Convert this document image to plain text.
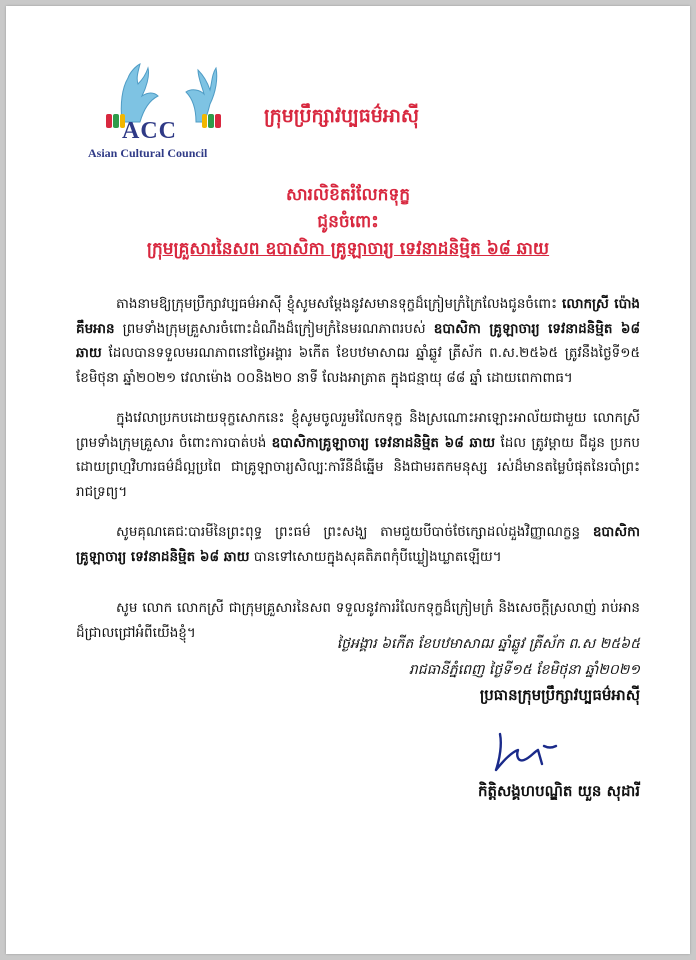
ACC
Asian Cultural Council
ក្រុមប្រឹក្សាវប្បធម៌អាស៊ី
សារលិខិតរំលែកទុក្ខ
ជូនចំពោះ
ក្រុមគ្រួសារនៃសព ឧបាសិកា គ្រូឡាចារ្យ ទេវនាដនិម្មិត ៦៨ ឆាយ
តាងនាមឱ្យក្រុមប្រឹក្សាវប្បធម៌អាស៊ី ខ្ញុំសូមសម្ដែងនូវសមានទុក្ខដ៏ក្រៀមក្រំក្រៃលែងជូនចំពោះ លោកស្រី ប៉ោង គឹមអាន ព្រមទាំងក្រុមគ្រួសារចំពោះដំណឹងដ៏ក្រៀមក្រំនៃមរណភាពរបស់ ឧបាសិកា គ្រូឡាចារ្យ ទេវនាដនិម្មិត ៦៨ ឆាយ ដែលបានទទួលមរណភាពនៅថ្ងៃអង្គារ ៦កើត ខែបឋមាសាឍ ឆ្នាំឆ្លូវ ត្រីស័ក ព.ស.២៥៦៥ ត្រូវនឹងថ្ងៃទី១៥ ខែមិថុនា ឆ្នាំ២០២១ វេលាម៉ោង ០០និង២០ នាទី លែងអាត្រាត ក្នុងជន្មាយុ ៨៨ ឆ្នាំ ដោយពេកាពាធ។
ក្នុងវេលាប្រកបដោយទុក្ខសោកនេះ ខ្ញុំសូមចូលរួមរំលែកទុក្ខ និងស្រណោះអាឡោះអាល័យជាមួយ លោកស្រី ព្រមទាំងក្រុមគ្រួសារ ចំពោះការបាត់បង់ ឧបាសិកាគ្រូឡាចារ្យ ទេវនាដនិម្មិត ៦៨ ឆាយ ដែល ត្រូវម្ដាយ ជីដូន ប្រកបដោយព្រហ្មវិហារធម៌ដ៏ល្អប្រពៃ ជាគ្រូឡាចារ្យសិល្បៈការីនីដ៏ឆ្នើម និងជាមរតកមនុស្ស រស់ដ៏មានតម្លៃបំផុតនៃរបាំព្រះរាជទ្រព្យ។
សូមគុណគេជៈបារមីនៃព្រះពុទ្ធ ព្រះធម៌ ព្រះសង្ឃ តាមជួយបីបាច់ថែក្សោដល់ដួងវិញ្ញាណក្ខន្ធ ឧបាសិកាគ្រូឡាចារ្យ ទេវនាដនិម្មិត ៦៨ ឆាយ បានទៅសោយក្នុងសុគតិភពកុំបីឃ្លៀងឃ្លាតឡើយ។
សូម លោក លោកស្រី ជាក្រុមគ្រួសារនៃសព ទទួលនូវការរំលែកទុក្ខដ៏ក្រៀមក្រំ និងសេចក្ដីស្រលាញ់ រាប់អានដ៏ជ្រាលជ្រៅអំពីយើងខ្ញុំ។
ថ្ងៃអង្គារ ៦កើត ខែបឋមាសាឍ ឆ្នាំឆ្លូវ ត្រីស័ក ព.ស ២៥៦៥
រាជធានីភ្នំពេញ ថ្ងៃទី១៥ ខែមិថុនា ឆ្នាំ២០២១
ប្រធានក្រុមប្រឹក្សាវប្បធម៌អាស៊ី
កិត្តិសង្គហបណ្ឌិត យួន សុដារី
